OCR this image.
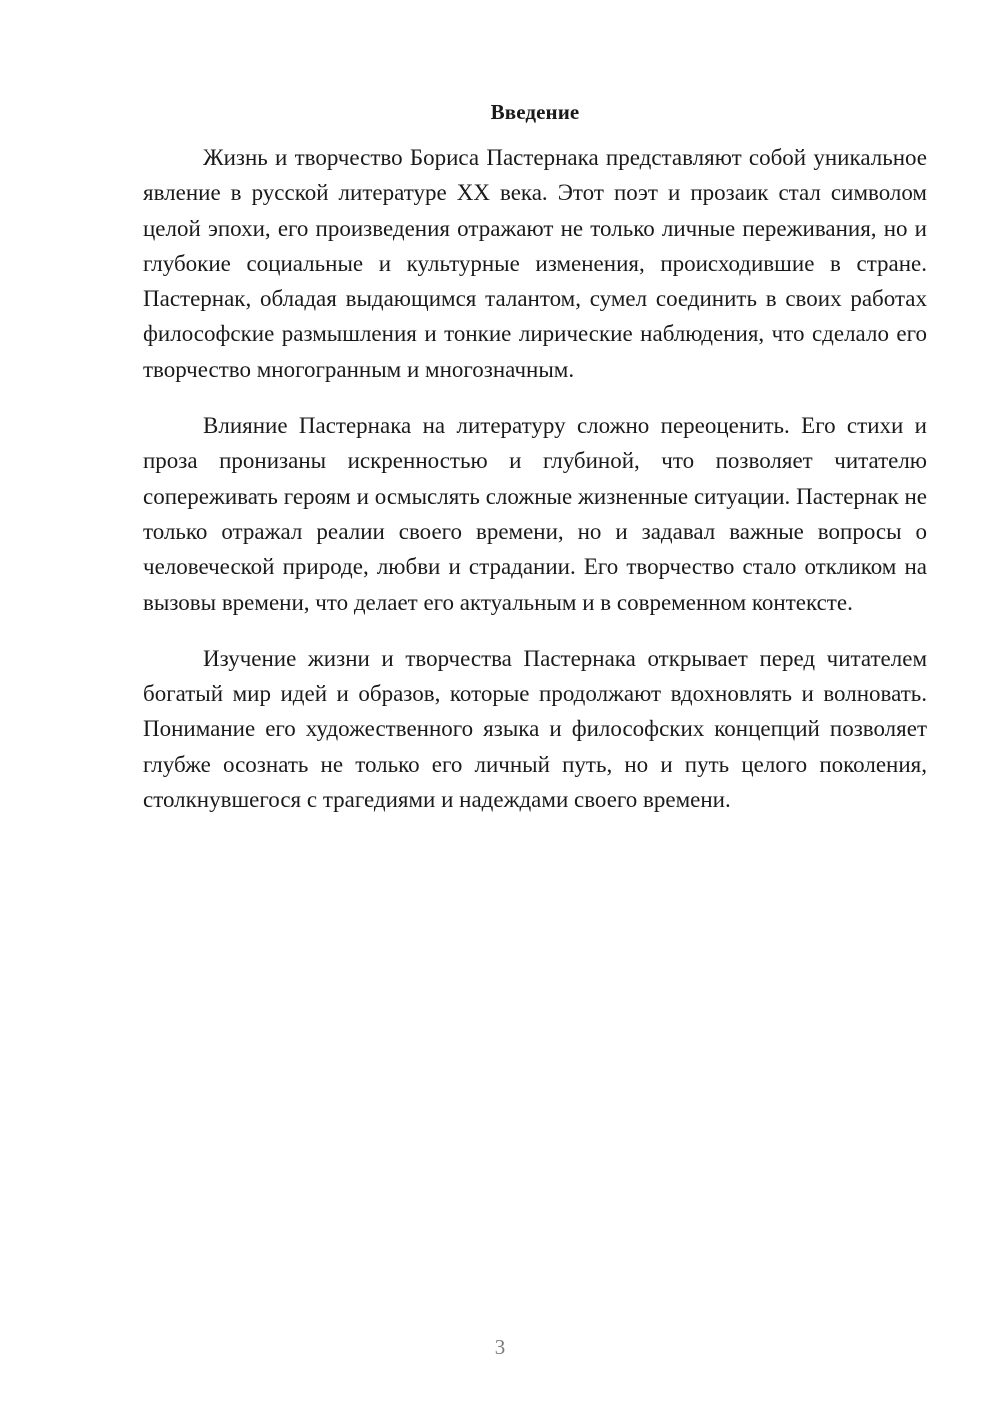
Введение

Жизнь и творчество Бориса Пастернака представляют собой уникальное явление в русской литературе XX века. Этот поэт и прозаик стал символом целой эпохи, его произведения отражают не только личные переживания, но и глубокие социальные и культурные изменения, происходившие в стране. Пастернак, обладая выдающимся талантом, сумел соединить в своих работах философские размышления и тонкие лирические наблюдения, что сделало его творчество многогранным и многозначным.

Влияние Пастернака на литературу сложно переоценить. Его стихи и проза пронизаны искренностью и глубиной, что позволяет читателю сопереживать героям и осмыслять сложные жизненные ситуации. Пастернак не только отражал реалии своего времени, но и задавал важные вопросы о человеческой природе, любви и страдании. Его творчество стало откликом на вызовы времени, что делает его актуальным и в современном контексте.

Изучение жизни и творчества Пастернака открывает перед читателем богатый мир идей и образов, которые продолжают вдохновлять и волновать. Понимание его художественного языка и философских концепций позволяет глубже осознать не только его личный путь, но и путь целого поколения, столкнувшегося с трагедиями и надеждами своего времени.

3
